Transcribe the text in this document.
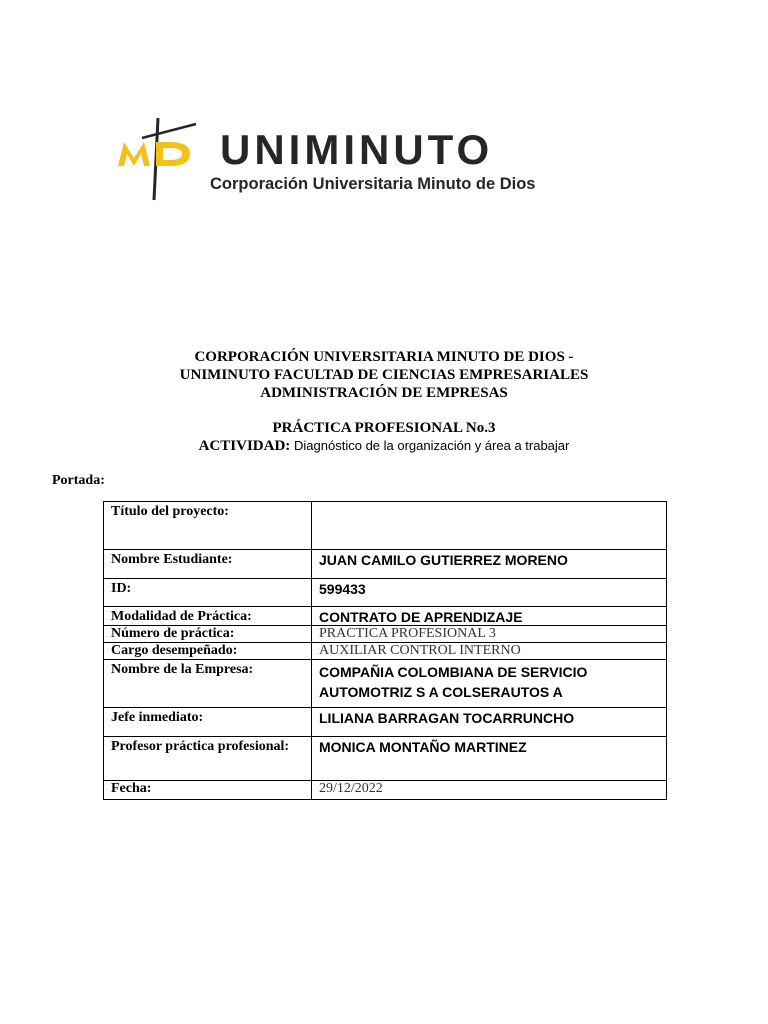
UNIMINUTO
Corporación Universitaria Minuto de Dios
CORPORACIÓN UNIVERSITARIA MINUTO DE DIOS -
UNIMINUTO FACULTAD DE CIENCIAS EMPRESARIALES
ADMINISTRACIÓN DE EMPRESAS
PRÁCTICA PROFESIONAL No.3
ACTIVIDAD: Diagnóstico de la organización y área a trabajar
Portada:
Título del proyecto:	
Nombre Estudiante:	JUAN CAMILO GUTIERREZ MORENO
ID:	599433
Modalidad de Práctica:	CONTRATO DE APRENDIZAJE
Número de práctica:	PRACTICA PROFESIONAL 3
Cargo desempeñado:	AUXILIAR CONTROL INTERNO
Nombre de la Empresa:	COMPAÑIA COLOMBIANA DE SERVICIO AUTOMOTRIZ S A COLSERAUTOS A
Jefe inmediato:	LILIANA BARRAGAN TOCARRUNCHO
Profesor práctica profesional:	MONICA MONTAÑO MARTINEZ
Fecha:	29/12/2022
